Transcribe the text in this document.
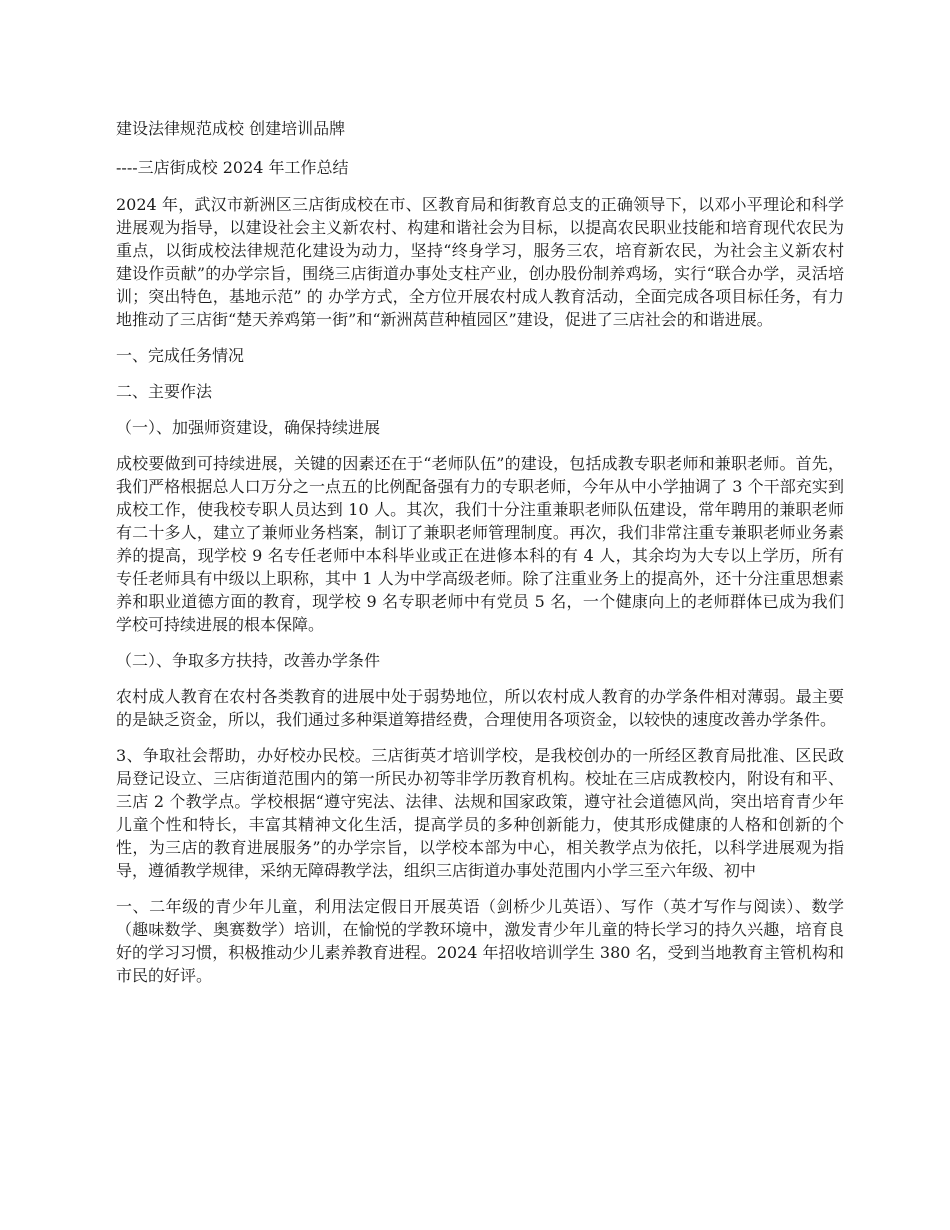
建设法律规范成校 创建培训品牌

----三店街成校 2024 年工作总结

2024 年，武汉市新洲区三店街成校在市、区教育局和街教育总支的正确领导下，以邓小平理论和科学进展观为指导，以建设社会主义新农村、构建和谐社会为目标，以提高农民职业技能和培育现代农民为重点，以街成校法律规范化建设为动力，坚持“终身学习，服务三农，培育新农民，为社会主义新农村建设作贡献”的办学宗旨，围绕三店街道办事处支柱产业，创办股份制养鸡场，实行“联合办学，灵活培训；突出特色，基地示范” 的 办学方式，全方位开展农村成人教育活动，全面完成各项目标任务，有力地推动了三店街“楚天养鸡第一街”和“新洲莴苣种植园区”建设，促进了三店社会的和谐进展。

一、完成任务情况

二、主要作法

（一）、加强师资建设，确保持续进展

成校要做到可持续进展，关键的因素还在于“老师队伍”的建设，包括成教专职老师和兼职老师。首先，我们严格根据总人口万分之一点五的比例配备强有力的专职老师，今年从中小学抽调了 3 个干部充实到成校工作，使我校专职人员达到 10 人。其次，我们十分注重兼职老师队伍建设，常年聘用的兼职老师有二十多人，建立了兼师业务档案，制订了兼职老师管理制度。再次，我们非常注重专兼职老师业务素养的提高，现学校 9 名专任老师中本科毕业或正在进修本科的有 4 人，其余均为大专以上学历，所有专任老师具有中级以上职称，其中 1 人为中学高级老师。除了注重业务上的提高外，还十分注重思想素养和职业道德方面的教育，现学校 9 名专职老师中有党员 5 名，一个健康向上的老师群体已成为我们学校可持续进展的根本保障。

（二）、争取多方扶持，改善办学条件

农村成人教育在农村各类教育的进展中处于弱势地位，所以农村成人教育的办学条件相对薄弱。最主要的是缺乏资金，所以，我们通过多种渠道筹措经费，合理使用各项资金，以较快的速度改善办学条件。

3、争取社会帮助，办好校办民校。三店街英才培训学校，是我校创办的一所经区教育局批准、区民政局登记设立、三店街道范围内的第一所民办初等非学历教育机构。校址在三店成教校内，附设有和平、三店 2 个教学点。学校根据“遵守宪法、法律、法规和国家政策，遵守社会道德风尚，突出培育青少年儿童个性和特长，丰富其精神文化生活，提高学员的多种创新能力，使其形成健康的人格和创新的个性，为三店的教育进展服务”的办学宗旨，以学校本部为中心，相关教学点为依托，以科学进展观为指导，遵循教学规律，采纳无障碍教学法，组织三店街道办事处范围内小学三至六年级、初中

一、二年级的青少年儿童，利用法定假日开展英语（剑桥少儿英语）、写作（英才写作与阅读）、数学（趣味数学、奥赛数学）培训，在愉悦的学教环境中，激发青少年儿童的特长学习的持久兴趣，培育良好的学习习惯，积极推动少儿素养教育进程。2024 年招收培训学生 380 名，受到当地教育主管机构和市民的好评。
